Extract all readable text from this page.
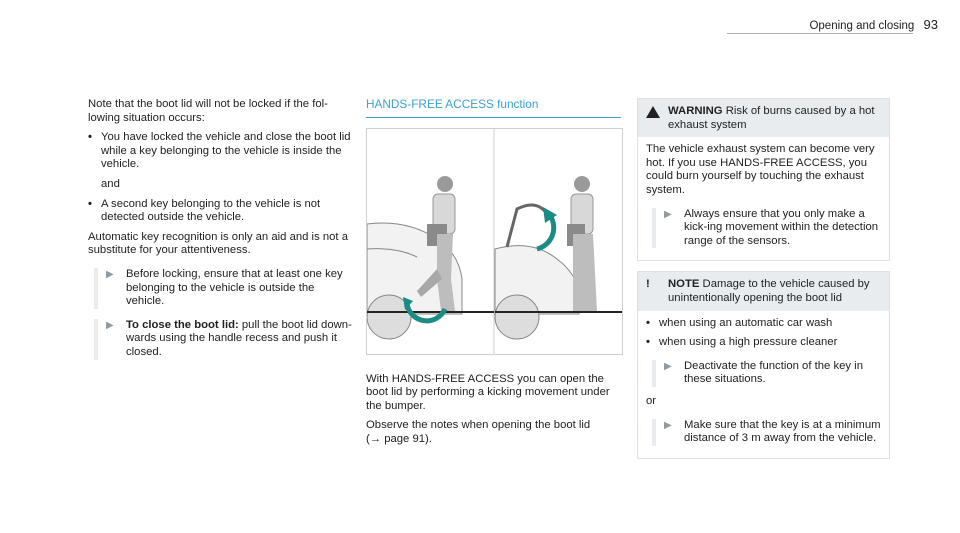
Opening and closing 93

Note that the boot lid will not be locked if the fol-lowing situation occurs:

• You have locked the vehicle and close the boot lid while a key belonging to the vehicle is inside the vehicle.

and

• A second key belonging to the vehicle is not detected outside the vehicle.

Automatic key recognition is only an aid and is not a substitute for your attentiveness.

▶	Before locking, ensure that at least one key belonging to the vehicle is outside the vehicle.
▶	To close the boot lid: pull the boot lid down-wards using the handle recess and push it closed.
HANDS-FREE ACCESS function

With HANDS-FREE ACCESS you can open the boot lid by performing a kicking movement under the bumper.

Observe the notes when opening the boot lid
(→ page 91).

WARNING Risk of burns caused by a hot exhaust system

The vehicle exhaust system can become very hot. If you use HANDS-FREE ACCESS, you could burn yourself by touching the exhaust system.

▶	Always ensure that you only make a kick-ing movement within the detection range of the sensors.
!	NOTE Damage to the vehicle caused by unintentionally opening the boot lid
• when using an automatic car wash
• when using a high pressure cleaner
▶	Deactivate the function of the key in these situations.

or

▶	Make sure that the key is at a minimum distance of 3 m away from the vehicle.
